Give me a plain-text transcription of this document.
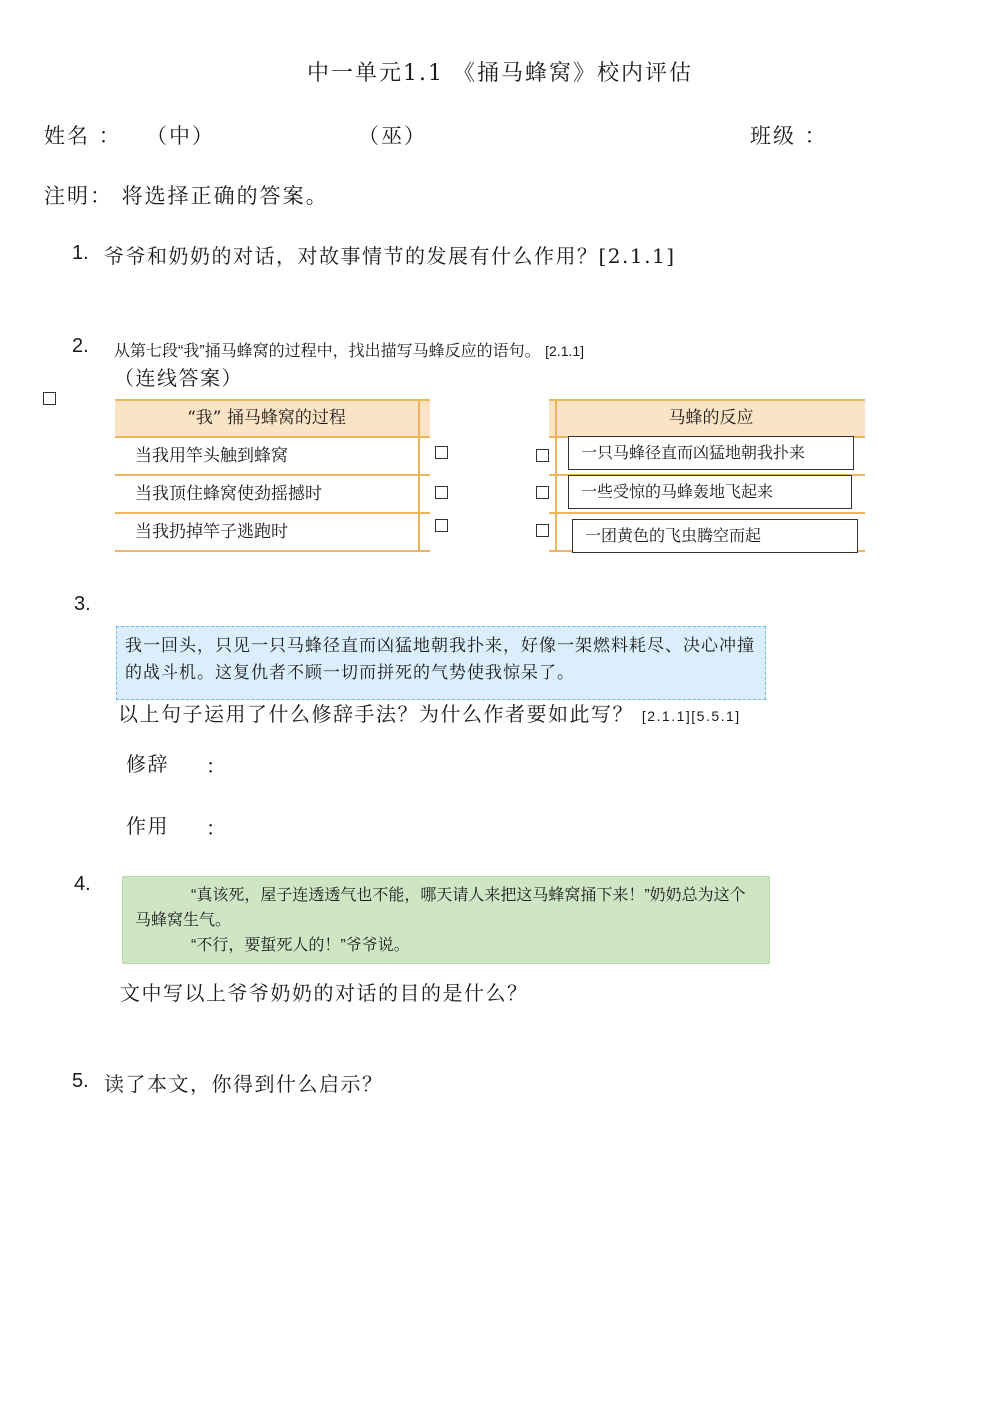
中一单元1.1 《捅马蜂窝》校内评估
姓名 ： （中）	（巫）	班级 ：
注明： 将选择正确的答案。
1. 爷爷和奶奶的对话，对故事情节的发展有什么作用？[2.1.1]
2. 从第七段“我”捅马蜂窝的过程中，找出描写马蜂反应的语句。 [2.1.1]
（连线答案）
“我” 捅马蜂窝的过程
当我用竿头触到蜂窝
当我顶住蜂窝使劲摇撼时
当我扔掉竿子逃跑时
马蜂的反应
一只马蜂径直而凶猛地朝我扑来
一些受惊的马蜂轰地飞起来
一团黄色的飞虫腾空而起
3.
我一回头，只见一只马蜂径直而凶猛地朝我扑来，好像一架燃料耗尽、决心冲撞的战斗机。这复仇者不顾一切而拼死的气势使我惊呆了。
以上句子运用了什么修辞手法？为什么作者要如此写？ [2.1.1][5.5.1]
修辞 ：
作用 ：
4.
“真该死，屋子连透透气也不能，哪天请人来把这马蜂窝捅下来！”奶奶总为这个马蜂窝生气。
“不行，要蜇死人的！”爷爷说。
文中写以上爷爷奶奶的对话的目的是什么？
5. 读了本文，你得到什么启示？
